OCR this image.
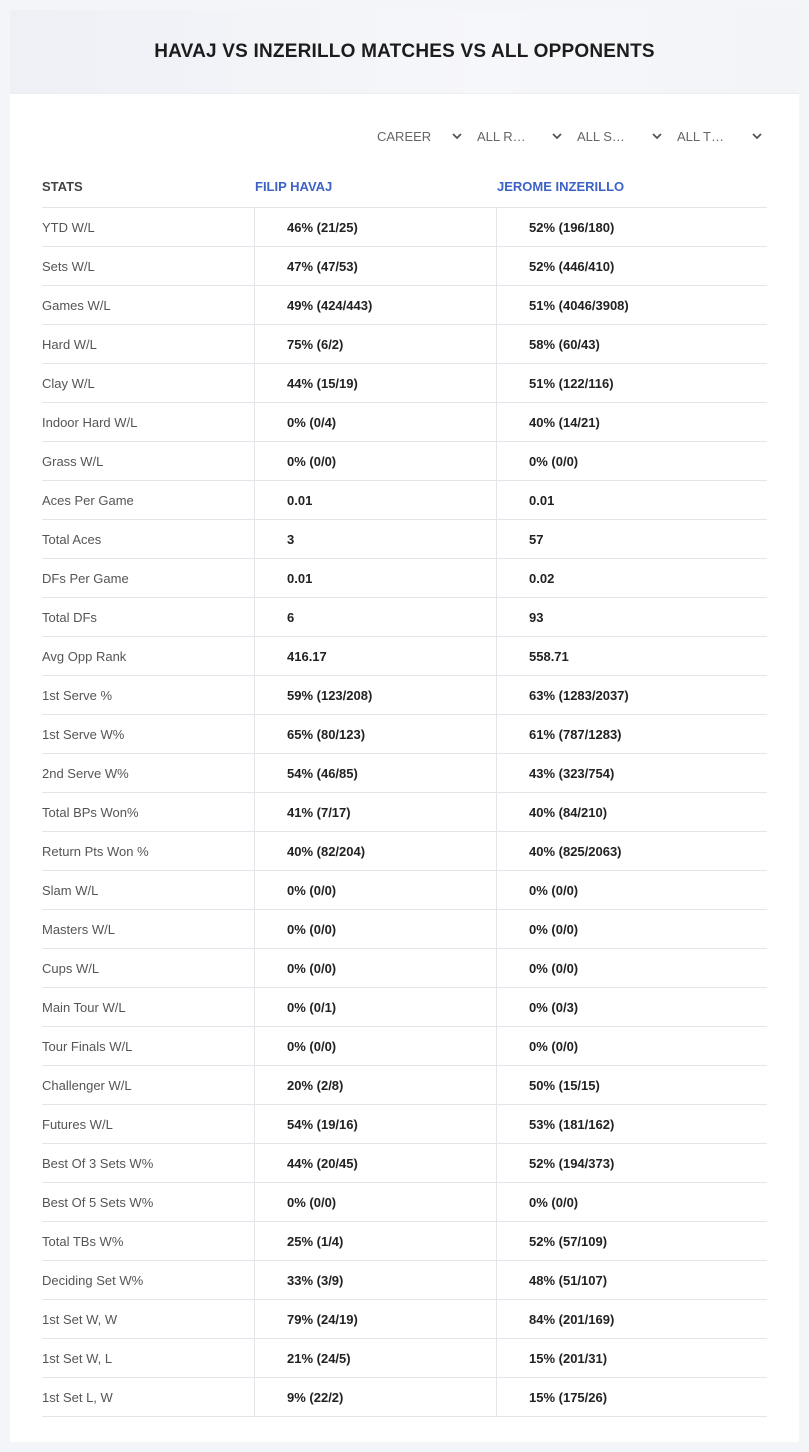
HAVAJ VS INZERILLO MATCHES VS ALL OPPONENTS
CAREER	ALL R…	ALL S…	ALL T…
STATS	FILIP HAVAJ	JEROME INZERILLO
YTD W/L	46% (21/25)	52% (196/180)
Sets W/L	47% (47/53)	52% (446/410)
Games W/L	49% (424/443)	51% (4046/3908)
Hard W/L	75% (6/2)	58% (60/43)
Clay W/L	44% (15/19)	51% (122/116)
Indoor Hard W/L	0% (0/4)	40% (14/21)
Grass W/L	0% (0/0)	0% (0/0)
Aces Per Game	0.01	0.01
Total Aces	3	57
DFs Per Game	0.01	0.02
Total DFs	6	93
Avg Opp Rank	416.17	558.71
1st Serve %	59% (123/208)	63% (1283/2037)
1st Serve W%	65% (80/123)	61% (787/1283)
2nd Serve W%	54% (46/85)	43% (323/754)
Total BPs Won%	41% (7/17)	40% (84/210)
Return Pts Won %	40% (82/204)	40% (825/2063)
Slam W/L	0% (0/0)	0% (0/0)
Masters W/L	0% (0/0)	0% (0/0)
Cups W/L	0% (0/0)	0% (0/0)
Main Tour W/L	0% (0/1)	0% (0/3)
Tour Finals W/L	0% (0/0)	0% (0/0)
Challenger W/L	20% (2/8)	50% (15/15)
Futures W/L	54% (19/16)	53% (181/162)
Best Of 3 Sets W%	44% (20/45)	52% (194/373)
Best Of 5 Sets W%	0% (0/0)	0% (0/0)
Total TBs W%	25% (1/4)	52% (57/109)
Deciding Set W%	33% (3/9)	48% (51/107)
1st Set W, W	79% (24/19)	84% (201/169)
1st Set W, L	21% (24/5)	15% (201/31)
1st Set L, W	9% (22/2)	15% (175/26)
